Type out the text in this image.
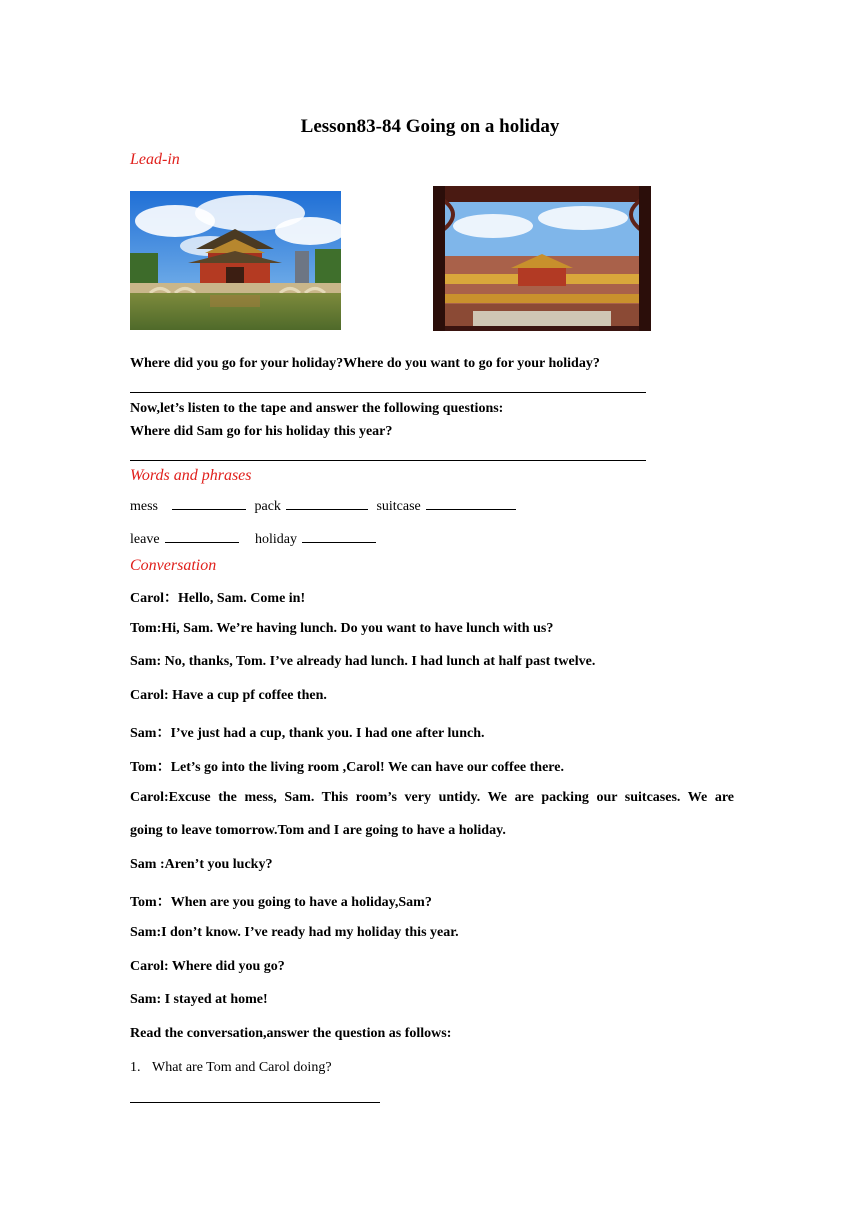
Lesson83-84 Going on a holiday
Lead-in
Where did you go for your holiday?Where do you want to go for your holiday?
Now,let’s listen to the tape and answer the following questions:
Where did Sam go for his holiday this year?
Words and phrases
mess	pack	suitcase
leave	holiday
Conversation
Carol：Hello, Sam. Come in!
Tom:Hi, Sam. We’re having lunch. Do you want to have lunch with us?
Sam: No, thanks, Tom. I’ve already had lunch. I had lunch at half past twelve.
Carol: Have a cup pf coffee then.
Sam：I’ve just had a cup, thank you. I had one after lunch.
Tom：Let’s go into the living room ,Carol! We can have our coffee there.
Carol:Excuse the mess, Sam. This room’s very untidy. We are packing our suitcases. We are
going to leave tomorrow.Tom and I are going to have a holiday.
Sam :Aren’t you lucky?
Tom：When are you going to have a holiday,Sam?
Sam:I don’t know. I’ve ready had my holiday this year.
Carol: Where did you go?
Sam: I stayed at home!
Read the conversation,answer the question as follows:
1. What are Tom and Carol doing?
